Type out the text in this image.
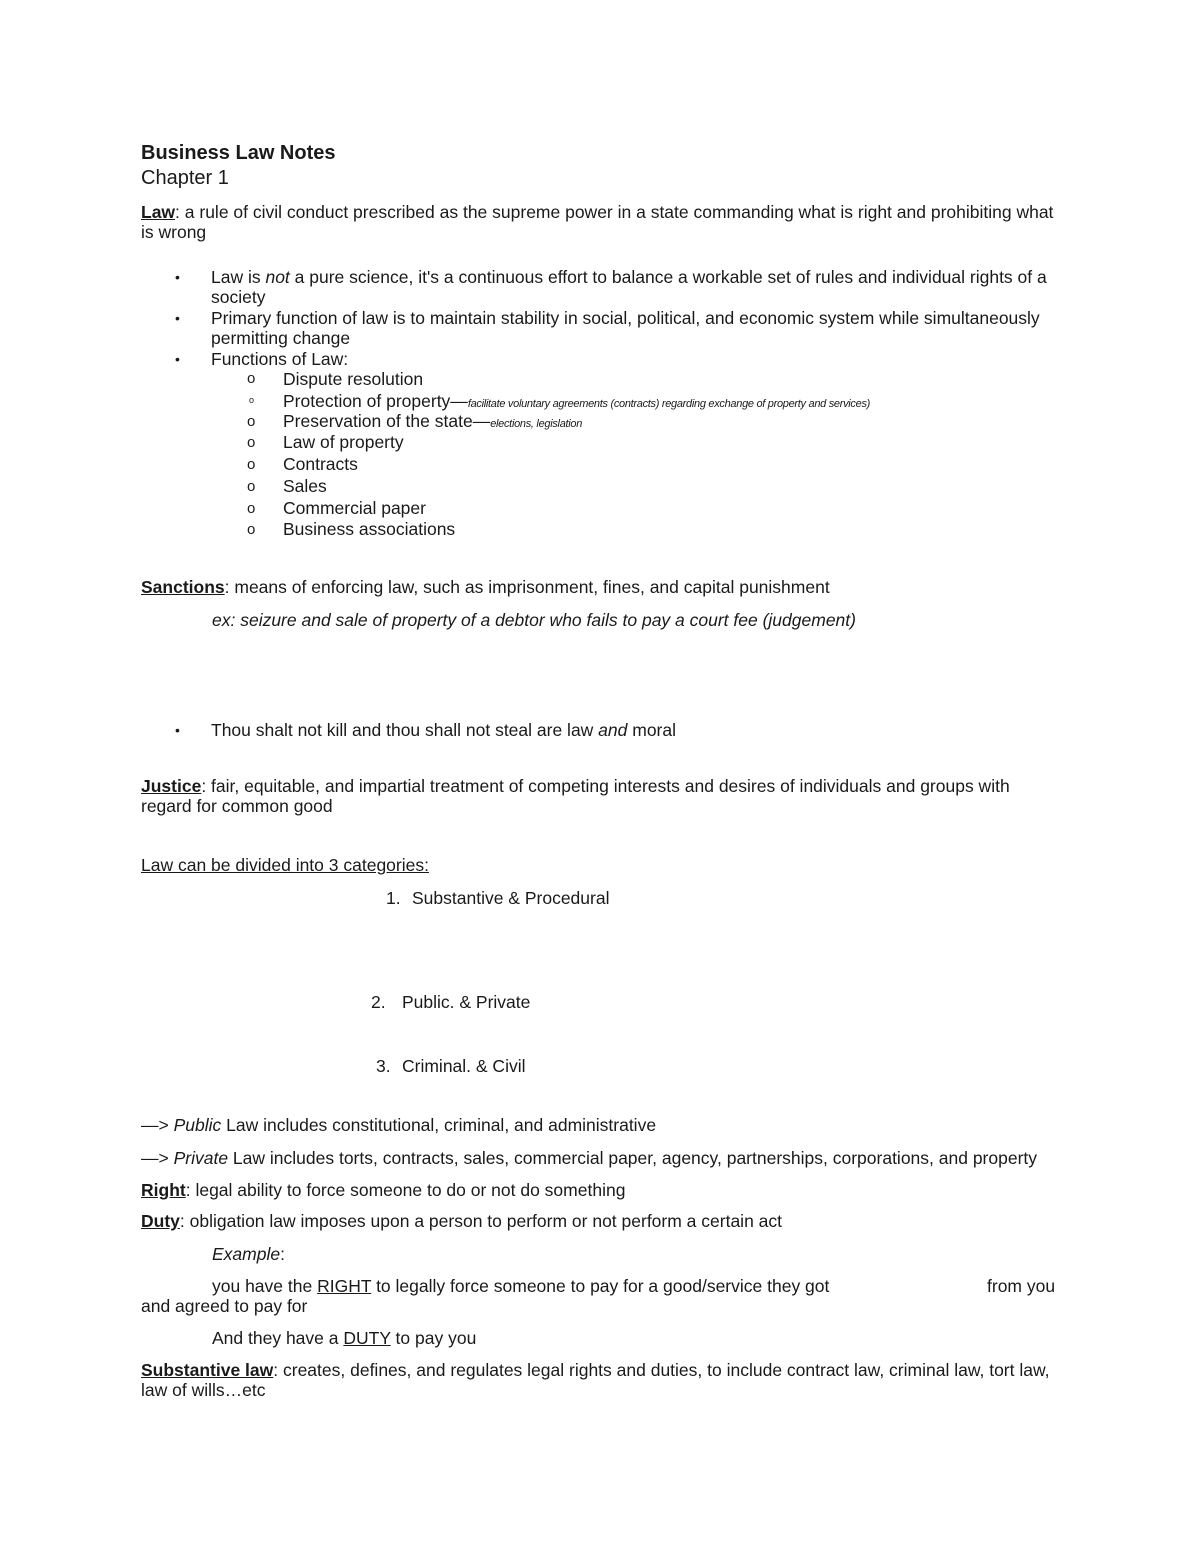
Business Law Notes
Chapter 1
Law: a rule of civil conduct prescribed as the supreme power in a state commanding what is right and prohibiting what is wrong
• Law is not a pure science, it's a continuous effort to balance a workable set of rules and individual rights of a society
• Primary function of law is to maintain stability in social, political, and economic system while simultaneously permitting change
• Functions of Law:
o Dispute resolution
o Protection of property—facilitate voluntary agreements (contracts) regarding exchange of property and services)
o Preservation of the state—elections, legislation
o Law of property
o Contracts
o Sales
o Commercial paper
o Business associations
Sanctions: means of enforcing law, such as imprisonment, fines, and capital punishment
ex: seizure and sale of property of a debtor who fails to pay a court fee (judgement)
• Thou shalt not kill and thou shall not steal are law and moral
Justice: fair, equitable, and impartial treatment of competing interests and desires of individuals and groups with regard for common good
Law can be divided into 3 categories:
1. Substantive & Procedural
2. Public. & Private
3. Criminal. & Civil
—> Public Law includes constitutional, criminal, and administrative
—> Private Law includes torts, contracts, sales, commercial paper, agency, partnerships, corporations, and property
Right: legal ability to force someone to do or not do something
Duty: obligation law imposes upon a person to perform or not perform a certain act
Example:
you have the RIGHT to legally force someone to pay for a good/service they got	from you
and agreed to pay for
And they have a DUTY to pay you
Substantive law: creates, defines, and regulates legal rights and duties, to include contract law, criminal law, tort law, law of wills…etc
